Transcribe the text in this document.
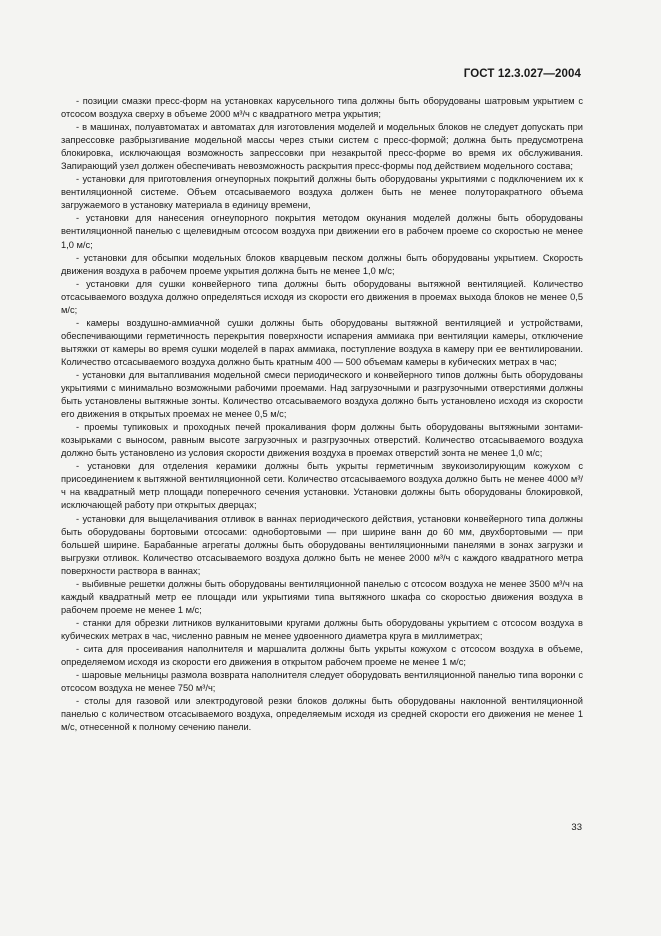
ГОСТ 12.3.027—2004

- позиции смазки пресс-форм на установках карусельного типа должны быть оборудованы шатровым укрытием с отсосом воздуха сверху в объеме 2000 м³/ч с квадратного метра укрытия;

- в машинах, полуавтоматах и автоматах для изготовления моделей и модельных блоков не следует допускать при запрессовке разбрызгивание модельной массы через стыки систем с пресс-формой; должна быть предусмотрена блокировка, исключающая возможность запрессовки при незакрытой пресс-форме во время их обслуживания. Запирающий узел должен обеспечивать невозможность раскрытия пресс-формы под действием модельного состава;

- установки для приготовления огнеупорных покрытий должны быть оборудованы укрытиями с подключением их к вентиляционной системе. Объем отсасываемого воздуха должен быть не менее полуторакратного объема загружаемого в установку материала в единицу времени,

- установки для нанесения огнеупорного покрытия методом окунания моделей должны быть оборудованы вентиляционной панелью с щелевидным отсосом воздуха при движении его в рабочем проеме со скоростью не менее 1,0 м/с;

- установки для обсыпки модельных блоков кварцевым песком должны быть оборудованы укрытием. Скорость движения воздуха в рабочем проеме укрытия должна быть не менее 1,0 м/с;

- установки для сушки конвейерного типа должны быть оборудованы вытяжной вентиляцией. Количество отсасываемого воздуха должно определяться исходя из скорости его движения в проемах выхода блоков не менее 0,5 м/с;

- камеры воздушно-аммиачной сушки должны быть оборудованы вытяжной вентиляцией и устройствами, обеспечивающими герметичность перекрытия поверхности испарения аммиака при вентиляции камеры, отключение вытяжки от камеры во время сушки моделей в парах аммиака, поступление воздуха в камеру при ее вентилировании. Количество отсасываемого воздуха должно быть кратным 400 — 500 объемам камеры в кубических метрах в час;

- установки для вытапливания модельной смеси периодического и конвейерного типов должны быть оборудованы укрытиями с минимально возможными рабочими проемами. Над загрузочными и разгрузочными отверстиями должны быть установлены вытяжные зонты. Количество отсасываемого воздуха должно быть установлено исходя из скорости его движения в открытых проемах не менее 0,5 м/с;

- проемы тупиковых и проходных печей прокаливания форм должны быть оборудованы вытяжными зонтами-козырьками с выносом, равным высоте загрузочных и разгрузочных отверстий. Количество отсасываемого воздуха должно быть установлено из условия скорости движения воздуха в проемах отверстий зонта не менее 1,0 м/с;

- установки для отделения керамики должны быть укрыты герметичным звукоизолирующим кожухом с присоединением к вытяжной вентиляционной сети. Количество отсасываемого воздуха должно быть не менее 4000 м³/ч на квадратный метр площади поперечного сечения установки. Установки должны быть оборудованы блокировкой, исключающей работу при открытых дверцах;

- установки для выщелачивания отливок в ваннах периодического действия, установки конвейерного типа должны быть оборудованы бортовыми отсосами: однобортовыми — при ширине ванн до 60 мм, двухбортовыми — при большей ширине. Барабанные агрегаты должны быть оборудованы вентиляционными панелями в зонах загрузки и выгрузки отливок. Количество отсасываемого воздуха должно быть не менее 2000 м³/ч с каждого квадратного метра поверхности раствора в ваннах;

- выбивные решетки должны быть оборудованы вентиляционной панелью с отсосом воздуха не менее 3500 м³/ч на каждый квадратный метр ее площади или укрытиями типа вытяжного шкафа со скоростью движения воздуха в рабочем проеме не менее 1 м/с;

- станки для обрезки литников вулканитовыми кругами должны быть оборудованы укрытием с отсосом воздуха в кубических метрах в час, численно равным не менее удвоенного диаметра круга в миллиметрах;

- сита для просеивания наполнителя и маршалита должны быть укрыты кожухом с отсосом воздуха в объеме, определяемом исходя из скорости его движения в открытом рабочем проеме не менее 1 м/с;

- шаровые мельницы размола возврата наполнителя следует оборудовать вентиляционной панелью типа воронки с отсосом воздуха не менее 750 м³/ч;

- столы для газовой или электродуговой резки блоков должны быть оборудованы наклонной вентиляционной панелью с количеством отсасываемого воздуха, определяемым исходя из средней скорости его движения не менее 1 м/с, отнесенной к полному сечению панели.

33
